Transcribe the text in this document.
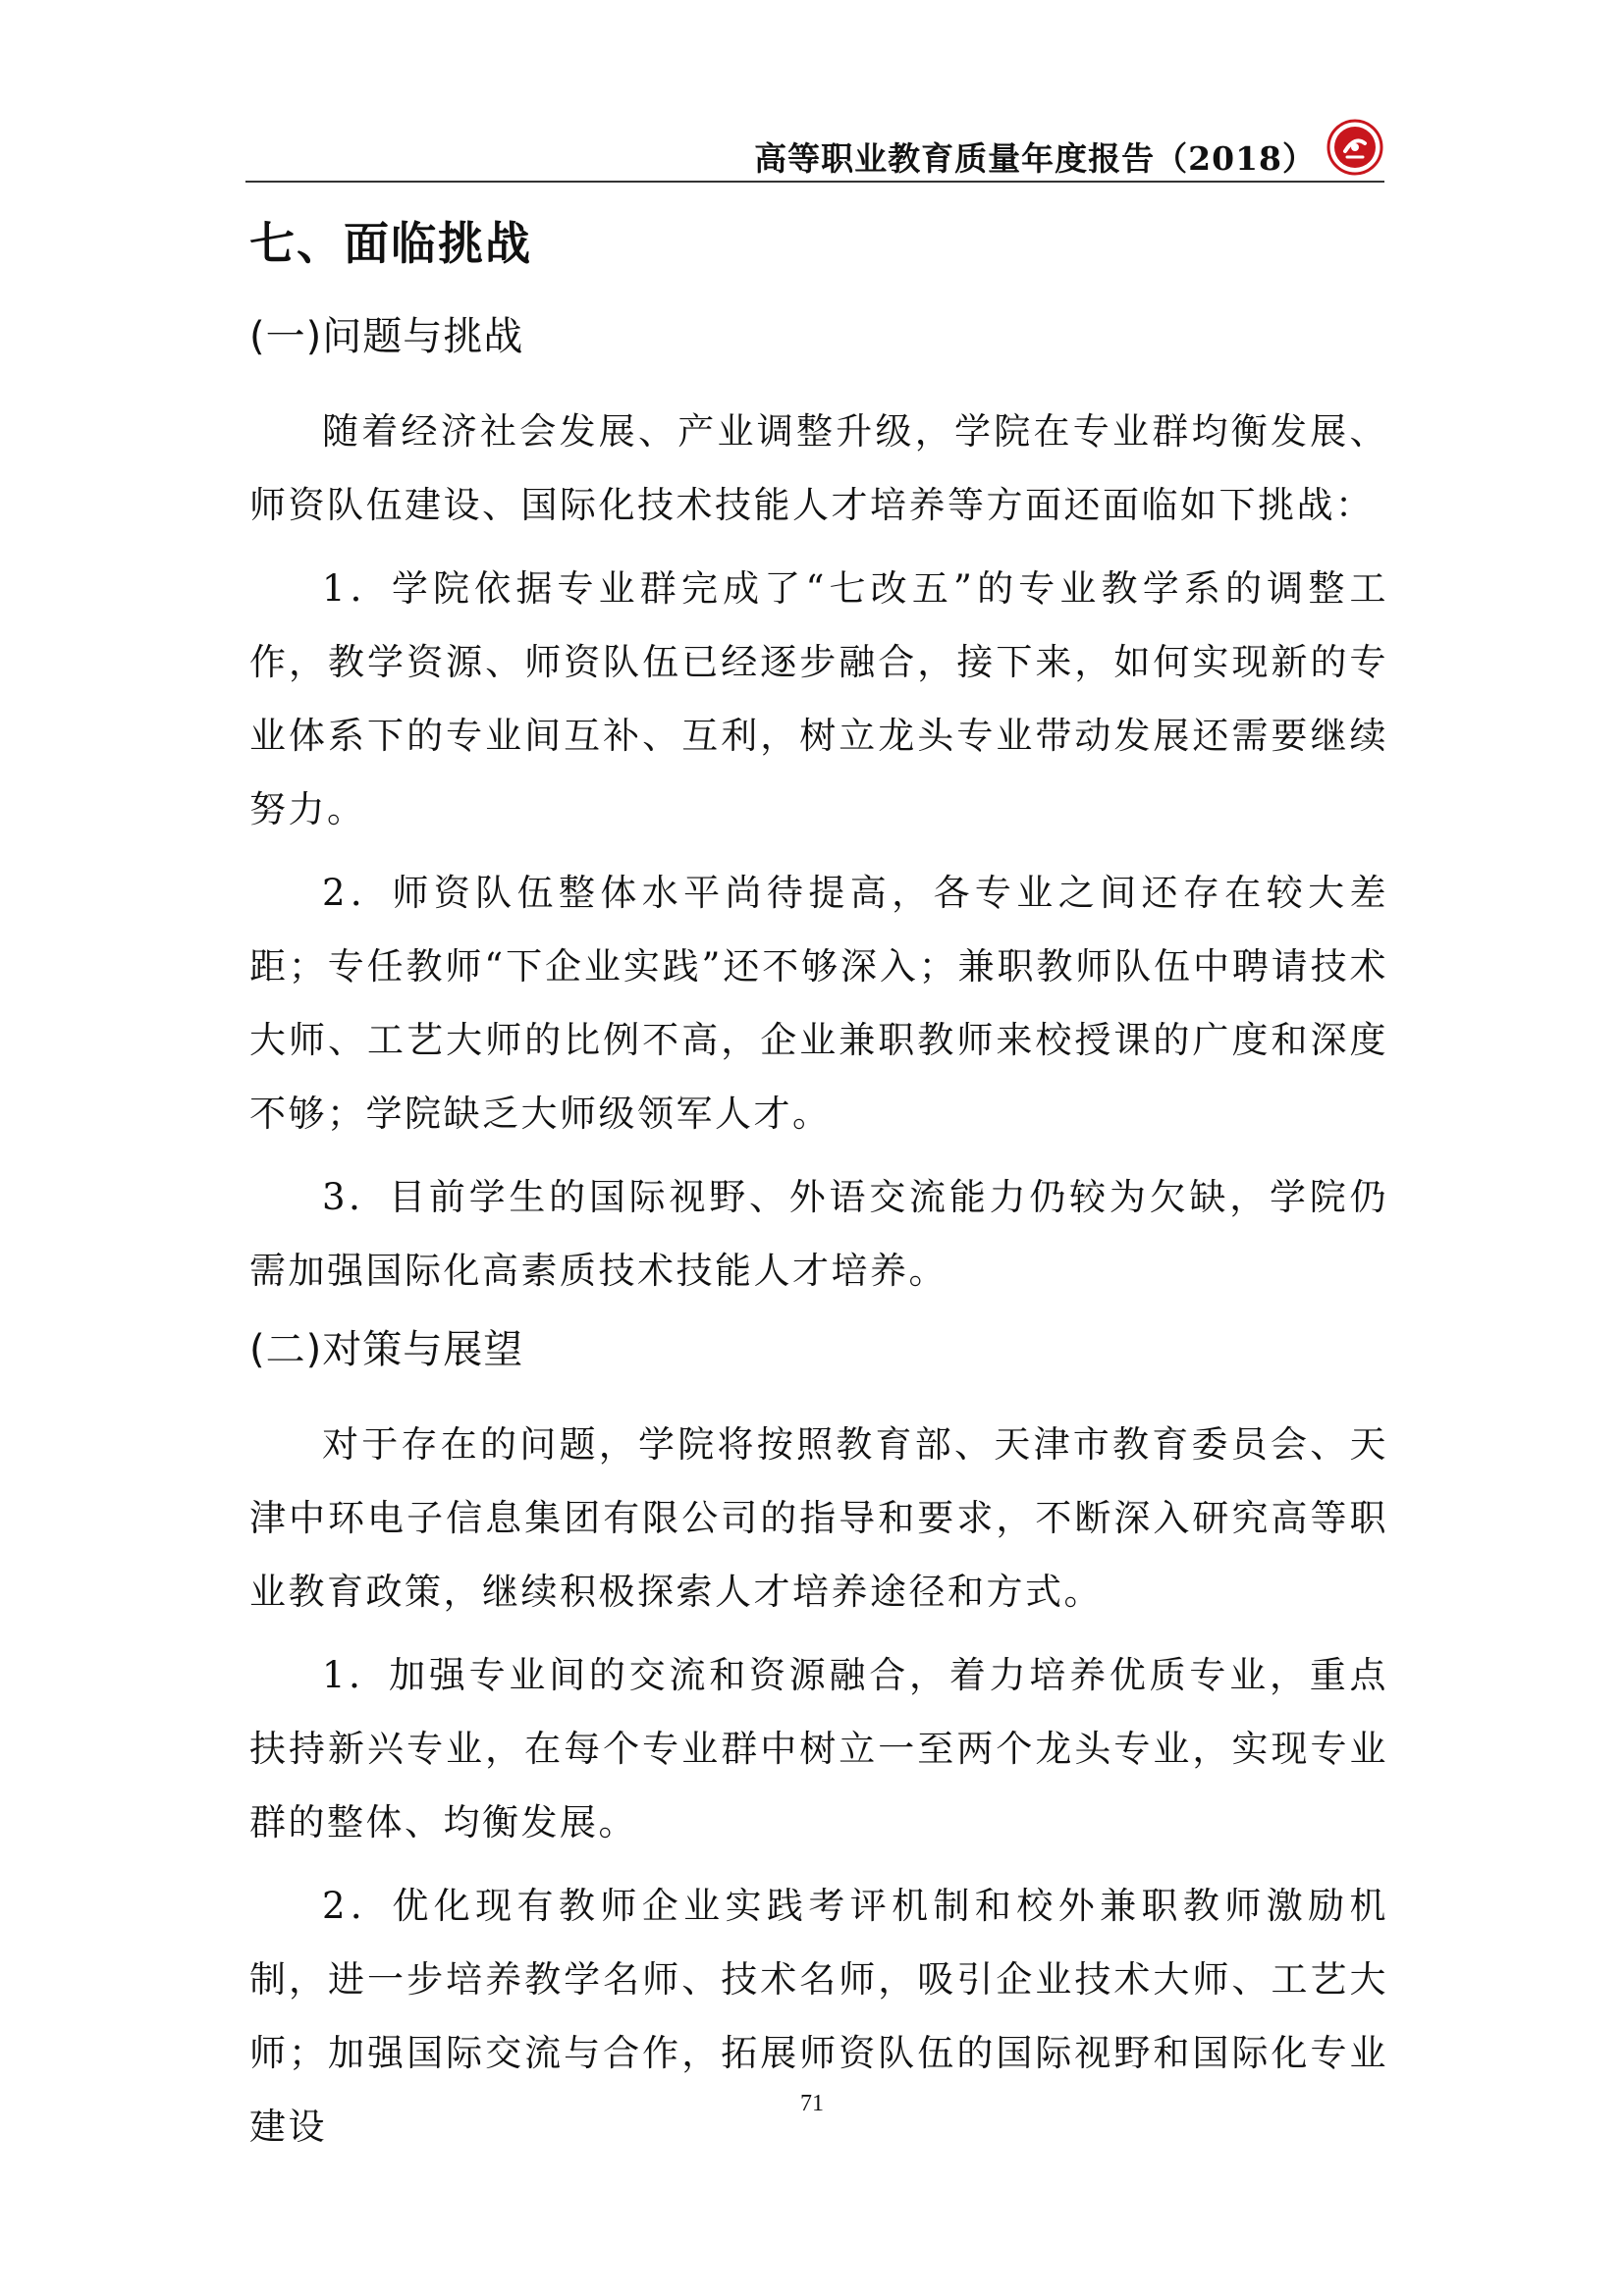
高等职业教育质量年度报告（2018）
七、面临挑战
(一)问题与挑战

随着经济社会发展、产业调整升级，学院在专业群均衡发展、师资队伍建设、国际化技术技能人才培养等方面还面临如下挑战：

1．学院依据专业群完成了“七改五”的专业教学系的调整工作，教学资源、师资队伍已经逐步融合，接下来，如何实现新的专业体系下的专业间互补、互利，树立龙头专业带动发展还需要继续努力。

2．师资队伍整体水平尚待提高，各专业之间还存在较大差距；专任教师“下企业实践”还不够深入；兼职教师队伍中聘请技术大师、工艺大师的比例不高，企业兼职教师来校授课的广度和深度不够；学院缺乏大师级领军人才。

3．目前学生的国际视野、外语交流能力仍较为欠缺，学院仍需加强国际化高素质技术技能人才培养。

(二)对策与展望

对于存在的问题，学院将按照教育部、天津市教育委员会、天津中环电子信息集团有限公司的指导和要求，不断深入研究高等职业教育政策，继续积极探索人才培养途径和方式。

1．加强专业间的交流和资源融合，着力培养优质专业，重点扶持新兴专业，在每个专业群中树立一至两个龙头专业，实现专业群的整体、均衡发展。

2．优化现有教师企业实践考评机制和校外兼职教师激励机制，进一步培养教学名师、技术名师，吸引企业技术大师、工艺大师；加强国际交流与合作，拓展师资队伍的国际视野和国际化专业建设

71
